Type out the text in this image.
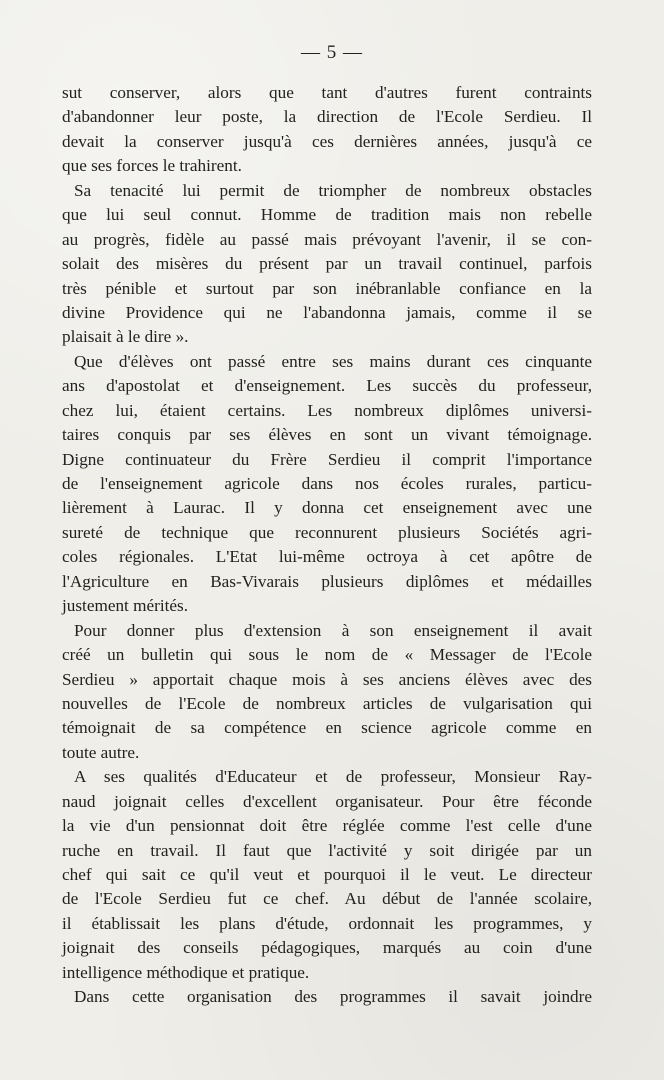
— 5 —
sut conserver, alors que tant d'autres furent contraints
d'abandonner leur poste, la direction de l'Ecole Serdieu. Il
devait la conserver jusqu'à ces dernières années, jusqu'à ce
que ses forces le trahirent.
Sa tenacité lui permit de triompher de nombreux obstacles
que lui seul connut. Homme de tradition mais non rebelle
au progrès, fidèle au passé mais prévoyant l'avenir, il se con-
solait des misères du présent par un travail continuel, parfois
très pénible et surtout par son inébranlable confiance en la
divine Providence qui ne l'abandonna jamais, comme il se
plaisait à le dire ».
Que d'élèves ont passé entre ses mains durant ces cinquante
ans d'apostolat et d'enseignement. Les succès du professeur,
chez lui, étaient certains. Les nombreux diplômes universi-
taires conquis par ses élèves en sont un vivant témoignage.
Digne continuateur du Frère Serdieu il comprit l'importance
de l'enseignement agricole dans nos écoles rurales, particu-
lièrement à Laurac. Il y donna cet enseignement avec une
sureté de technique que reconnurent plusieurs Sociétés agri-
coles régionales. L'Etat lui-même octroya à cet apôtre de
l'Agriculture en Bas-Vivarais plusieurs diplômes et médailles
justement mérités.
Pour donner plus d'extension à son enseignement il avait
créé un bulletin qui sous le nom de « Messager de l'Ecole
Serdieu » apportait chaque mois à ses anciens élèves avec des
nouvelles de l'Ecole de nombreux articles de vulgarisation qui
témoignait de sa compétence en science agricole comme en
toute autre.
A ses qualités d'Educateur et de professeur, Monsieur Ray-
naud joignait celles d'excellent organisateur. Pour être féconde
la vie d'un pensionnat doit être réglée comme l'est celle d'une
ruche en travail. Il faut que l'activité y soit dirigée par un
chef qui sait ce qu'il veut et pourquoi il le veut. Le directeur
de l'Ecole Serdieu fut ce chef. Au début de l'année scolaire,
il établissait les plans d'étude, ordonnait les programmes, y
joignait des conseils pédagogiques, marqués au coin d'une
intelligence méthodique et pratique.
Dans cette organisation des programmes il savait joindre
